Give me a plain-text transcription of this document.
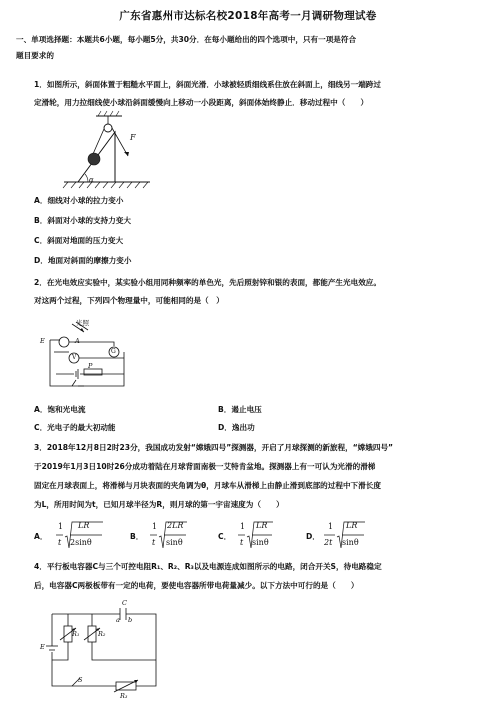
广东省惠州市达标名校2018年高考一月调研物理试卷
一、单项选择题：本题共6小题，每小题5分，共30分．在每小题给出的四个选项中，只有一项是符合
题目要求的
1．如图所示，斜面体置于粗糙水平面上，斜面光滑．小球被轻质细线系住放在斜面上，细线另一端跨过
定滑轮，用力拉细线使小球沿斜面缓慢向上移动一小段距离，斜面体始终静止．移动过程中（　　）
F
α
A．细线对小球的拉力变小
B．斜面对小球的支持力变大
C．斜面对地面的压力变大
D．地面对斜面的摩擦力变小
2．在光电效应实验中，某实验小组用同种频率的单色光，先后照射锌和银的表面，都能产生光电效应。
对这两个过程，下列四个物理量中，可能相同的是（　）
光照
E	A
G
V
P
A．饱和光电流	B．遏止电压
C．光电子的最大初动能	D．逸出功
3．2018年12月8日2时23分，我国成功发射“嫦娥四号”探测器，开启了月球探测的新旅程，“嫦娥四号”
于2019年1月3日10时26分成功着陆在月球背面南极一艾特肯盆地。探测器上有一可认为光滑的滑梯
固定在月球表面上，将滑梯与月块表面的夹角调为θ，月球车从滑梯上由静止滑到底部的过程中下滑长度
为L，所用时间为t，已知月球半径为R，则月球的第一宇宙速度为（　　）
A．
1
t
LR
2sinθ
B．
1
t
2LR
sinθ
C．
1
t
LR
sinθ
D．
1
2t
LR
sinθ
4．平行板电容器C与三个可控电阻R₁、R₂、R₃以及电源连成如图所示的电路，闭合开关S，待电路稳定
后，电容器C两极板带有一定的电荷，要使电容器所带电荷量减少。以下方法中可行的是（　　）
C
a b
R₁	R₂
E
S
R₃
